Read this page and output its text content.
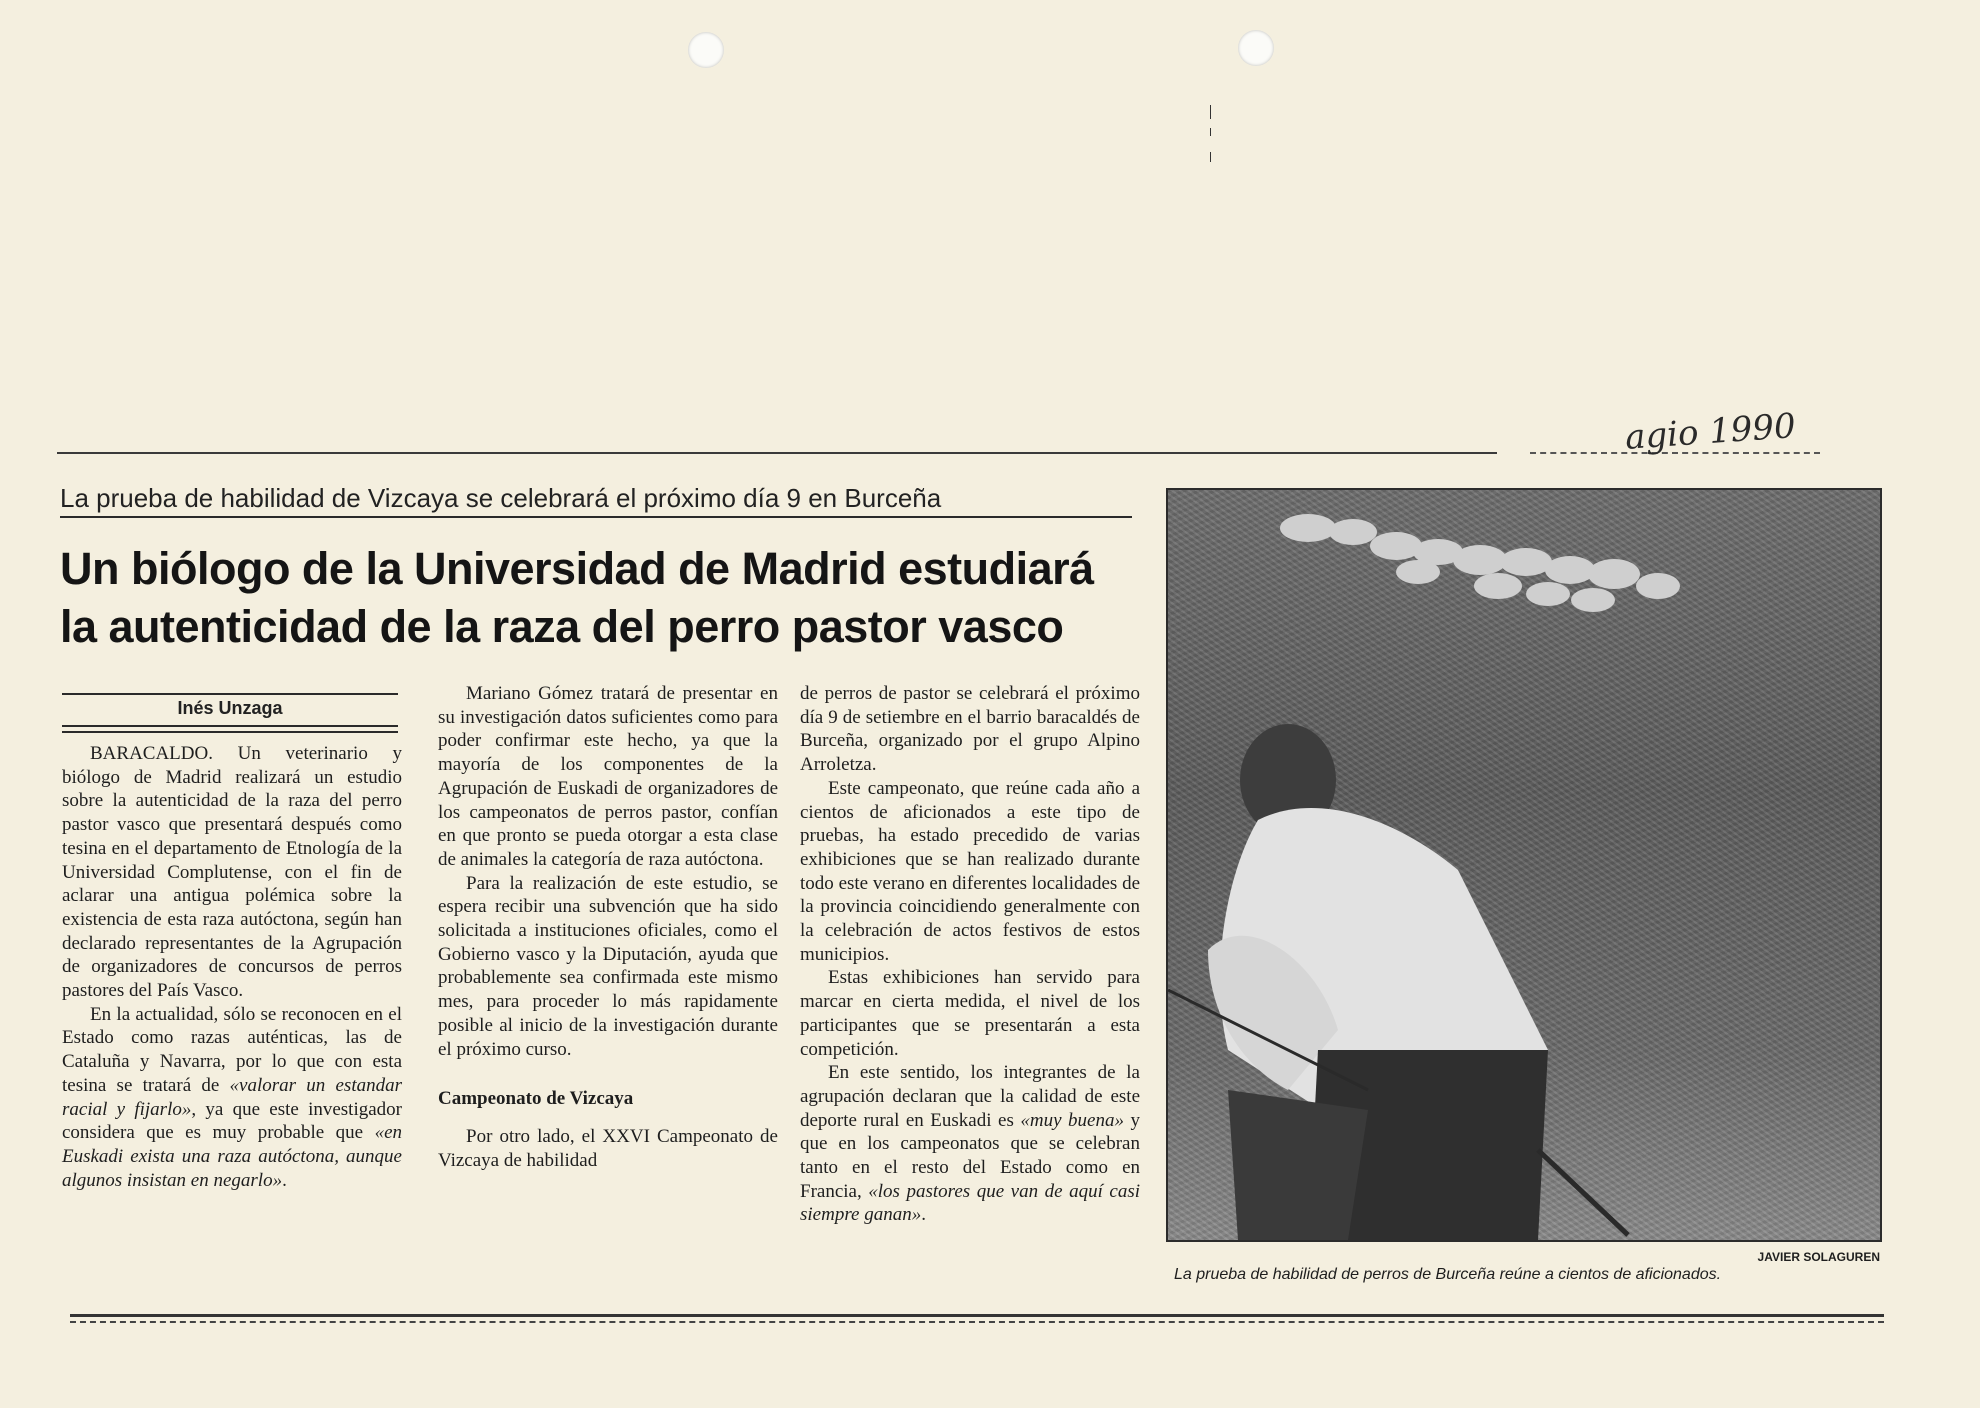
agio 1990
La prueba de habilidad de Vizcaya se celebrará el próximo día 9 en Burceña
Un biólogo de la Universidad de Madrid estudiará
la autenticidad de la raza del perro pastor vasco
Inés Unzaga

BARACALDO. Un veterinario y biólogo de Madrid realizará un estudio sobre la autenticidad de la raza del perro pastor vasco que presentará después como tesina en el departamento de Etnología de la Universidad Complutense, con el fin de aclarar una antigua polémica sobre la existencia de esta raza autóctona, según han declarado representantes de la Agrupación de organizadores de concursos de perros pastores del País Vasco.

En la actualidad, sólo se reconocen en el Estado como razas auténticas, las de Cataluña y Navarra, por lo que con esta tesina se tratará de «valorar un estandar racial y fijarlo», ya que este investigador considera que es muy probable que «en Euskadi exista una raza autóctona, aunque algunos insistan en negarlo».

Mariano Gómez tratará de presentar en su investigación datos suficientes como para poder confirmar este hecho, ya que la mayoría de los componentes de la Agrupación de Euskadi de organizadores de los campeonatos de perros pastor, confían en que pronto se pueda otorgar a esta clase de animales la categoría de raza autóctona.

Para la realización de este estudio, se espera recibir una subvención que ha sido solicitada a instituciones oficiales, como el Gobierno vasco y la Diputación, ayuda que probablemente sea confirmada este mismo mes, para proceder lo más rapidamente posible al inicio de la investigación durante el próximo curso.

Campeonato de Vizcaya

Por otro lado, el XXVI Campeonato de Vizcaya de habilidad

de perros de pastor se celebrará el próximo día 9 de setiembre en el barrio baracaldés de Burceña, organizado por el grupo Alpino Arroletza.

Este campeonato, que reúne cada año a cientos de aficionados a este tipo de pruebas, ha estado precedido de varias exhibiciones que se han realizado durante todo este verano en diferentes localidades de la provincia coincidiendo generalmente con la celebración de actos festivos de estos municipios.

Estas exhibiciones han servido para marcar en cierta medida, el nivel de los participantes que se presentarán a esta competición.

En este sentido, los integrantes de la agrupación declaran que la calidad de este deporte rural en Euskadi es «muy buena» y que en los campeonatos que se celebran tanto en el resto del Estado como en Francia, «los pastores que van de aquí casi siempre ganan».

JAVIER SOLAGUREN
La prueba de habilidad de perros de Burceña reúne a cientos de aficionados.
